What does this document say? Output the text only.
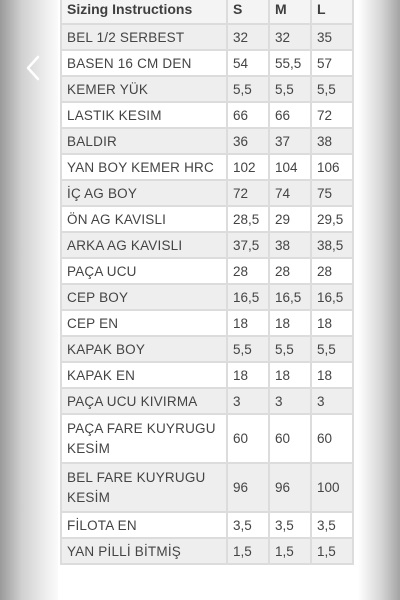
Sizing Instructions	S	M	L
BEL 1/2 SERBEST	32	32	35
BASEN 16 CM DEN	54	55,5	57
KEMER YÜK	5,5	5,5	5,5
LASTIK KESIM	66	66	72
BALDIR	36	37	38
YAN BOY KEMER HRC	102	104	106
İÇ AG BOY	72	74	75
ÖN AG KAVISLI	28,5	29	29,5
ARKA AG KAVISLI	37,5	38	38,5
PAÇA UCU	28	28	28
CEP BOY	16,5	16,5	16,5
CEP EN	18	18	18
KAPAK BOY	5,5	5,5	5,5
KAPAK EN	18	18	18
PAÇA UCU KIVIRMA	3	3	3
PAÇA FARE KUYRUGU KESİM	60	60	60
BEL FARE KUYRUGU KESİM	96	96	100
FİLOTA EN	3,5	3,5	3,5
YAN PİLLİ BİTMİŞ	1,5	1,5	1,5
